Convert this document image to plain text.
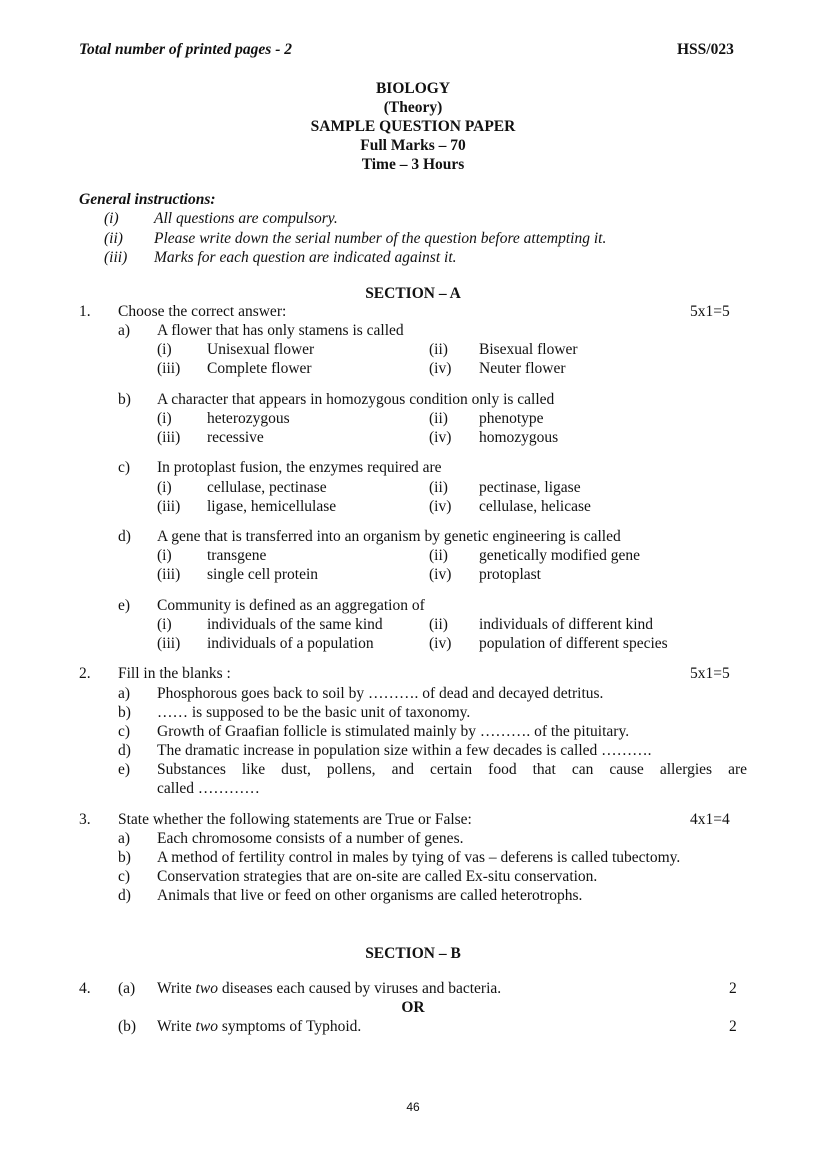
Total number of printed pages - 2	HSS/023
BIOLOGY
(Theory)
SAMPLE QUESTION PAPER
Full Marks – 70
Time – 3 Hours
General instructions:
(i) All questions are compulsory.
(ii) Please write down the serial number of the question before attempting it.
(iii) Marks for each question are indicated against it.
SECTION – A
1. Choose the correct answer:	5x1=5
a) A flower that has only stamens is called
(i) Unisexual flower	(ii) Bisexual flower
(iii) Complete flower	(iv) Neuter flower
b) A character that appears in homozygous condition only is called
(i) heterozygous	(ii) phenotype
(iii) recessive	(iv) homozygous
c) In protoplast fusion, the enzymes required are
(i) cellulase, pectinase	(ii) pectinase, ligase
(iii) ligase, hemicellulase	(iv) cellulase, helicase
d) A gene that is transferred into an organism by genetic engineering is called
(i) transgene	(ii) genetically modified gene
(iii) single cell protein	(iv) protoplast
e) Community is defined as an aggregation of
(i) individuals of the same kind	(ii) individuals of different kind
(iii) individuals of a population	(iv) population of different species
2. Fill in the blanks :	5x1=5
a) Phosphorous goes back to soil by ………. of dead and decayed detritus.
b) …… is supposed to be the basic unit of taxonomy.
c) Growth of Graafian follicle is stimulated mainly by ………. of the pituitary.
d) The dramatic increase in population size within a few decades is called ……….
e) Substances like dust, pollens, and certain food that can cause allergies are
called …………
3. State whether the following statements are True or False:	4x1=4
a) Each chromosome consists of a number of genes.
b) A method of fertility control in males by tying of vas – deferens is called tubectomy.
c) Conservation strategies that are on-site are called Ex-situ conservation.
d) Animals that live or feed on other organisms are called heterotrophs.
SECTION – B
4. (a) Write two diseases each caused by viruses and bacteria.	2
OR
(b) Write two symptoms of Typhoid.	2
46
